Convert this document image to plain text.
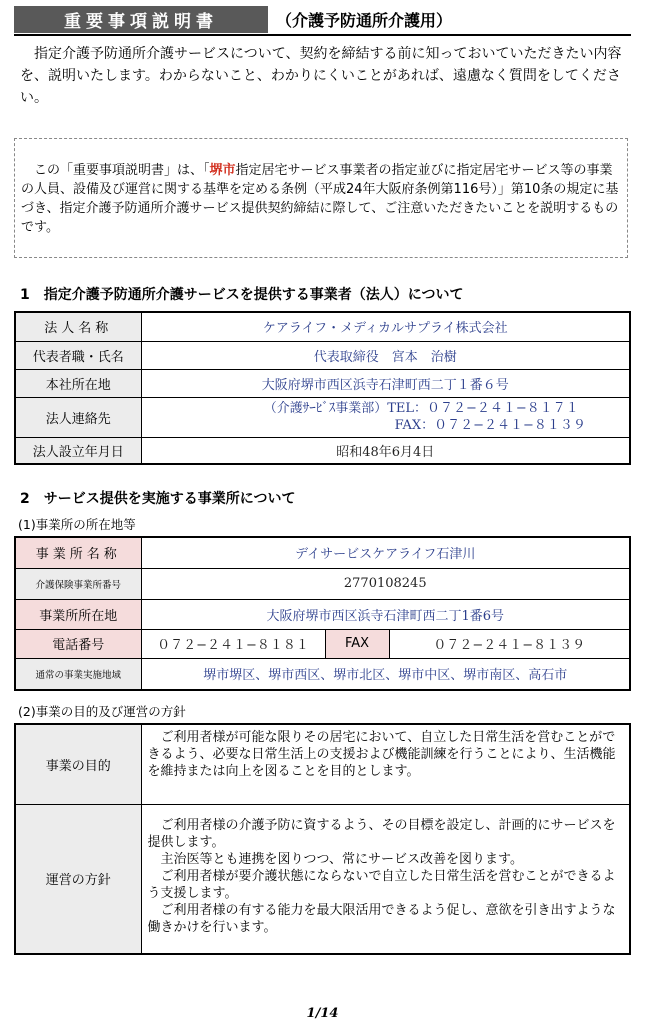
重要事項説明書	（介護予防通所介護用）
指定介護予防通所介護サービスについて、契約を締結する前に知っておいていただきたい内容を、説明いたします。わからないこと、わかりにくいことがあれば、遠慮なく質問をしてください。

この「重要事項説明書」は、「堺市指定居宅サービス事業者の指定並びに指定居宅サービス等の事業の人員、設備及び運営に関する基準を定める条例（平成24年大阪府条例第116号）」第10条の規定に基づき、指定介護予防通所介護サービス提供契約締結に際して、ご注意いただきたいことを説明するものです。

1　指定介護予防通所介護サービスを提供する事業者（法人）について
法人名称	ケアライフ・メディカルサプライ株式会社
代表者職・氏名	代表取締役　宮本　治樹
本社所在地	大阪府堺市西区浜寺石津町西二丁１番６号
法人連絡先	（介護ｻｰﾋﾞｽ事業部）TEL：０７２−２４１−８１７１
FAX：０７２−２４１−８１３９

法人設立年月日	昭和48年6月4日
2　サービス提供を実施する事業所について
(1)事業所の所在地等
事業所名称	デイサービスケアライフ石津川		
介護保険事業所番号	2770108245		
事業所所在地	大阪府堺市西区浜寺石津町西二丁1番6号		
電話番号	０７２−２４１−８１８１	FAX	０７２−２４１−８１３９
通常の事業実施地域	堺市堺区、堺市西区、堺市北区、堺市中区、堺市南区、高石市		
(2)事業の目的及び運営の方針
事業の目的	ご利用者様が可能な限りその居宅において、自立した日常生活を営むことができるよう、必要な日常生活上の支援および機能訓練を行うことにより、生活機能を維持または向上を図ることを目的とします。

運営の方針	ご利用者様の介護予防に資するよう、その目標を設定し、計画的にサービスを提供します。

主治医等とも連携を図りつつ、常にサービス改善を図ります。

ご利用者様が要介護状態にならないで自立した日常生活を営むことができるよう支援します。

ご利用者様の有する能力を最大限活用できるよう促し、意欲を引き出すような働きかけを行います。

1/14
